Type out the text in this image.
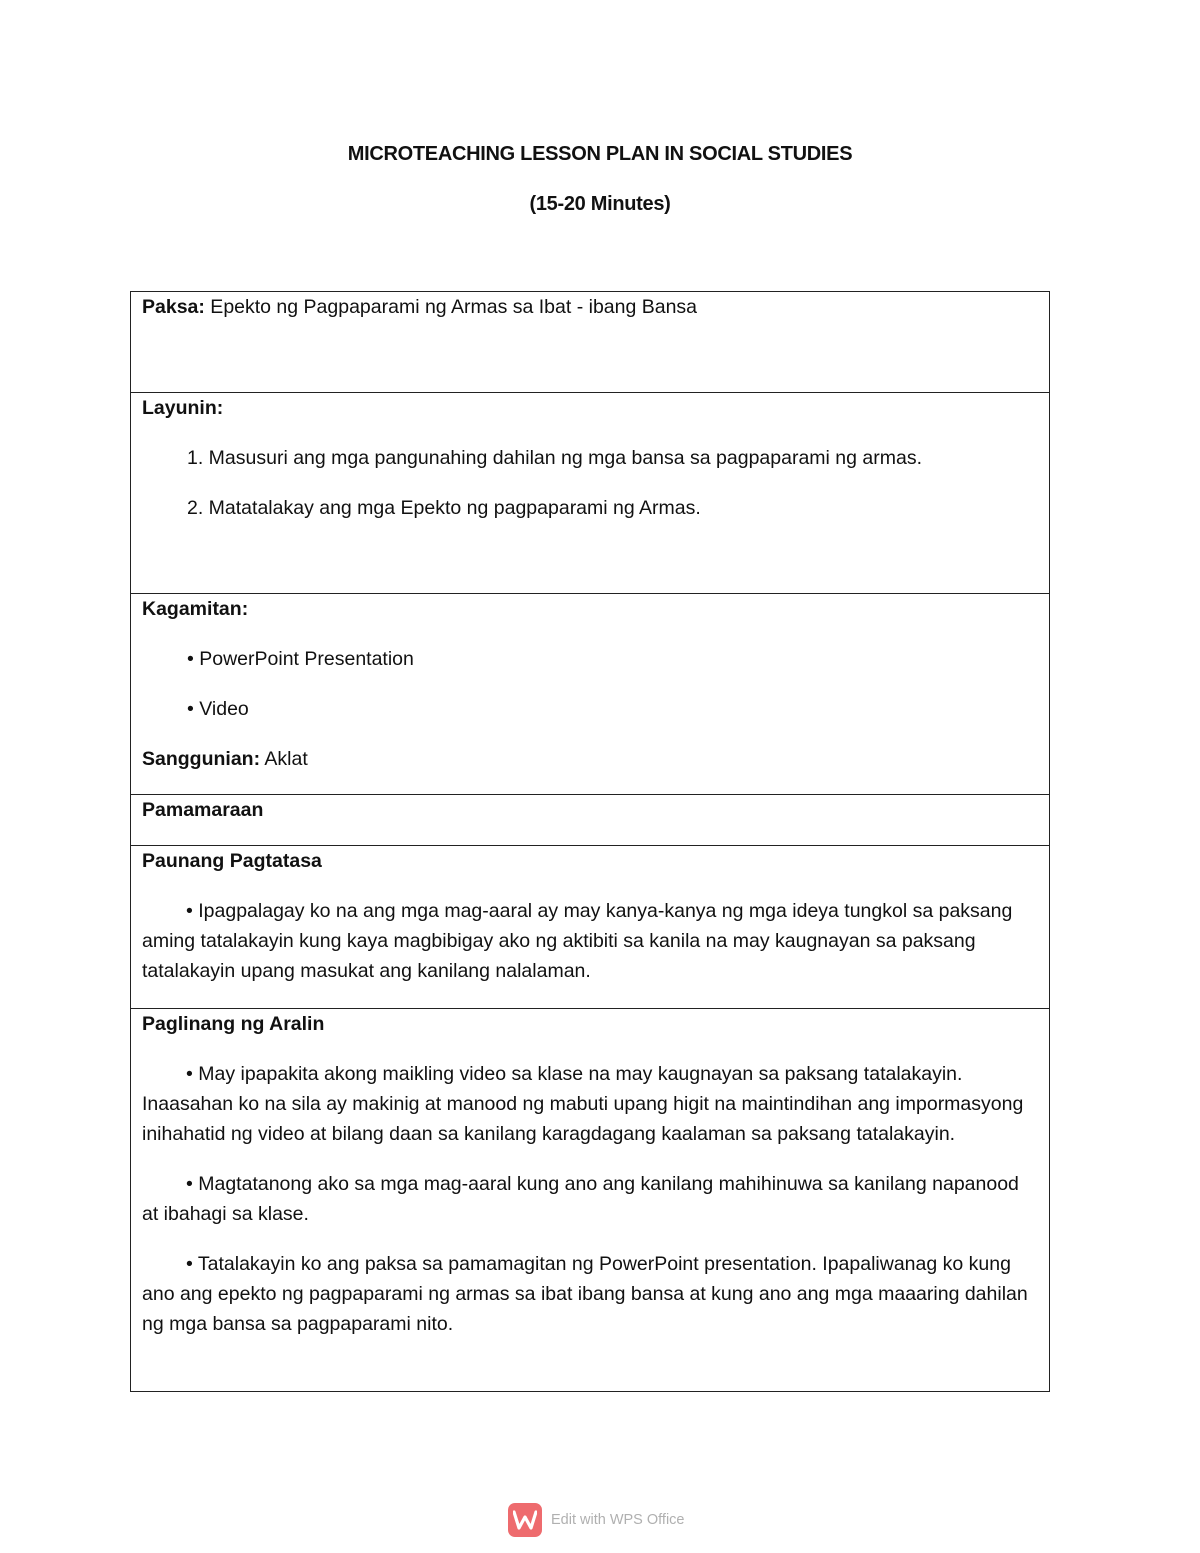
MICROTEACHING LESSON PLAN IN SOCIAL STUDIES
(15-20 Minutes)

Paksa: Epekto ng Pagpaparami ng Armas sa Ibat - ibang Bansa

Layunin:

1. Masusuri ang mga pangunahing dahilan ng mga bansa sa pagpaparami ng armas.

2. Matatalakay ang mga Epekto ng pagpaparami ng Armas.

Kagamitan:

• PowerPoint Presentation

• Video

Sanggunian: Aklat

Pamamaraan

Paunang Pagtatasa

• Ipagpalagay ko na ang mga mag-aaral ay may kanya-kanya ng mga ideya tungkol sa paksang aming tatalakayin kung kaya magbibigay ako ng aktibiti sa kanila na may kaugnayan sa paksang tatalakayin upang masukat ang kanilang nalalaman.

Paglinang ng Aralin

• May ipapakita akong maikling video sa klase na may kaugnayan sa paksang tatalakayin. Inaasahan ko na sila ay makinig at manood ng mabuti upang higit na maintindihan ang impormasyong inihahatid ng video at bilang daan sa kanilang karagdagang kaalaman sa paksang tatalakayin.

• Magtatanong ako sa mga mag-aaral kung ano ang kanilang mahihinuwa sa kanilang napanood at ibahagi sa klase.

• Tatalakayin ko ang paksa sa pamamagitan ng PowerPoint presentation. Ipapaliwanag ko kung ano ang epekto ng pagpaparami ng armas sa ibat ibang bansa at kung ano ang mga maaaring dahilan ng mga bansa sa pagpaparami nito.

Edit with WPS Office
